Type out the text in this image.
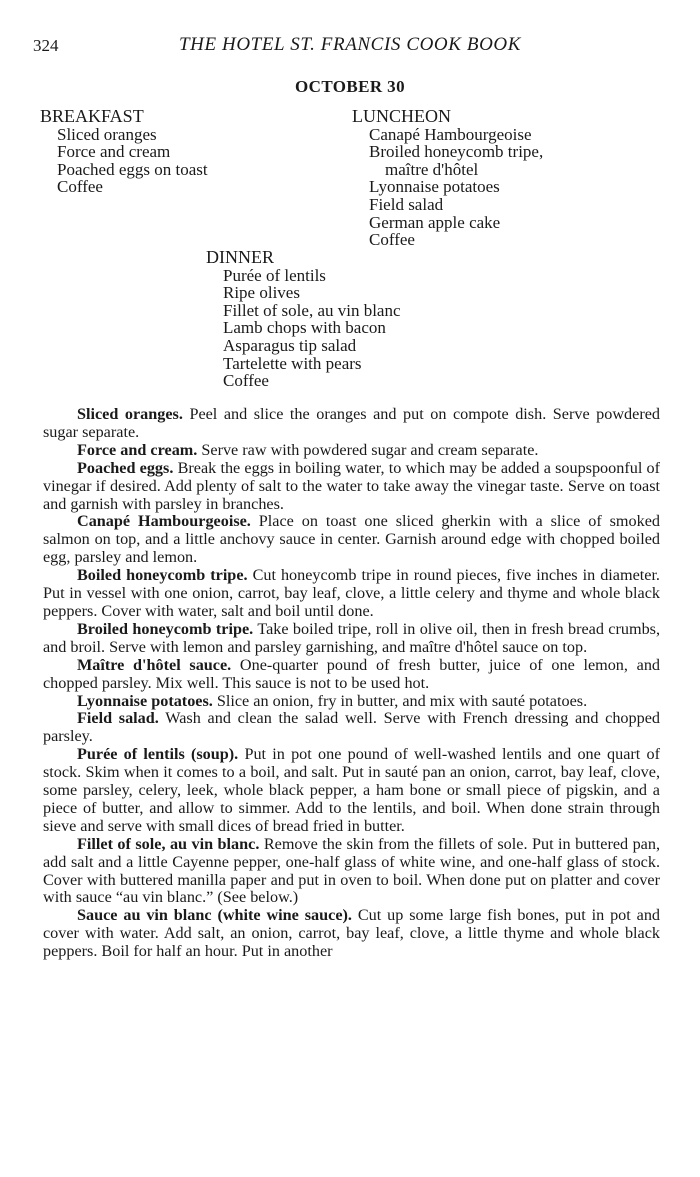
324	THE HOTEL ST. FRANCIS COOK BOOK
OCTOBER 30
BREAKFAST
Sliced oranges
Force and cream
Poached eggs on toast
Coffee
LUNCHEON
Canapé Hambourgeoise
Broiled honeycomb tripe,
maître d'hôtel
Lyonnaise potatoes
Field salad
German apple cake
Coffee
DINNER
Purée of lentils
Ripe olives
Fillet of sole, au vin blanc
Lamb chops with bacon
Asparagus tip salad
Tartelette with pears
Coffee

Sliced oranges. Peel and slice the oranges and put on compote dish. Serve powdered sugar separate.

Force and cream. Serve raw with powdered sugar and cream separate.

Poached eggs. Break the eggs in boiling water, to which may be added a soupspoonful of vinegar if desired. Add plenty of salt to the water to take away the vinegar taste. Serve on toast and garnish with parsley in branches.

Canapé Hambourgeoise. Place on toast one sliced gherkin with a slice of smoked salmon on top, and a little anchovy sauce in center. Garnish around edge with chopped boiled egg, parsley and lemon.

Boiled honeycomb tripe. Cut honeycomb tripe in round pieces, five inches in diameter. Put in vessel with one onion, carrot, bay leaf, clove, a little celery and thyme and whole black peppers. Cover with water, salt and boil until done.

Broiled honeycomb tripe. Take boiled tripe, roll in olive oil, then in fresh bread crumbs, and broil. Serve with lemon and parsley garnishing, and maître d'hôtel sauce on top.

Maître d'hôtel sauce. One-quarter pound of fresh butter, juice of one lemon, and chopped parsley. Mix well. This sauce is not to be used hot.

Lyonnaise potatoes. Slice an onion, fry in butter, and mix with sauté potatoes.

Field salad. Wash and clean the salad well. Serve with French dressing and chopped parsley.

Purée of lentils (soup). Put in pot one pound of well-washed lentils and one quart of stock. Skim when it comes to a boil, and salt. Put in sauté pan an onion, carrot, bay leaf, clove, some parsley, celery, leek, whole black pepper, a ham bone or small piece of pigskin, and a piece of butter, and allow to simmer. Add to the lentils, and boil. When done strain through sieve and serve with small dices of bread fried in butter.

Fillet of sole, au vin blanc. Remove the skin from the fillets of sole. Put in buttered pan, add salt and a little Cayenne pepper, one-half glass of white wine, and one-half glass of stock. Cover with buttered manilla paper and put in oven to boil. When done put on platter and cover with sauce “au vin blanc.” (See below.)

Sauce au vin blanc (white wine sauce). Cut up some large fish bones, put in pot and cover with water. Add salt, an onion, carrot, bay leaf, clove, a little thyme and whole black peppers. Boil for half an hour. Put in another
